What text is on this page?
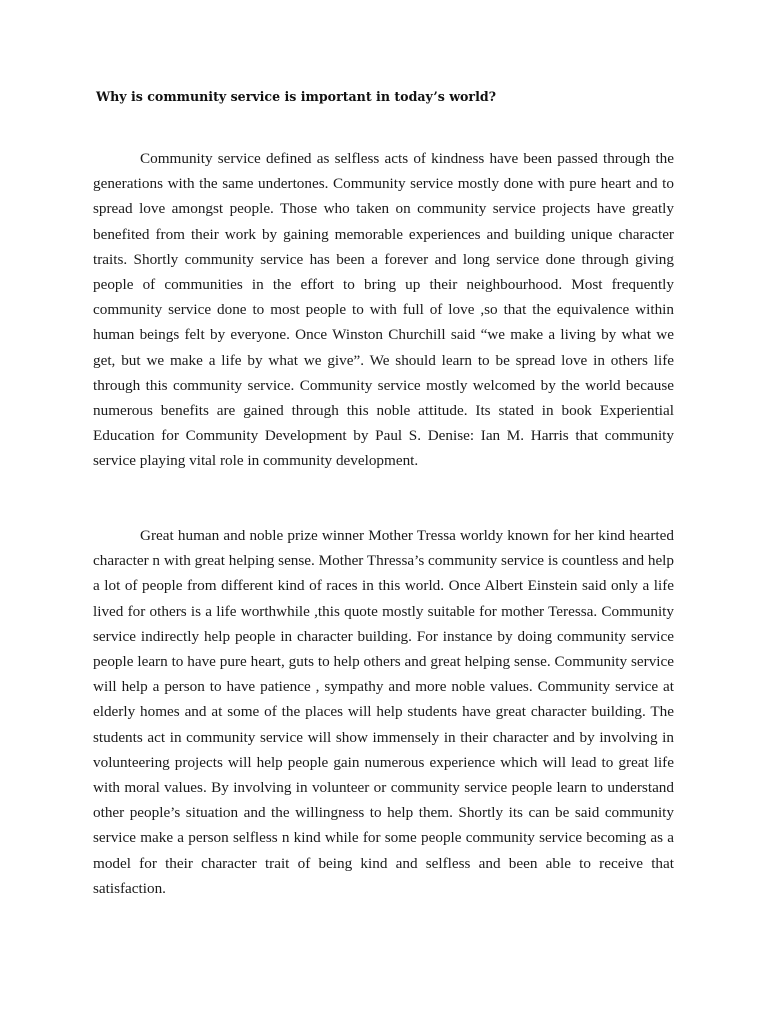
Why is community service is important in today’s world?

Community service defined as selfless acts of kindness have been passed through the generations with the same undertones. Community service mostly done with pure heart and to spread love amongst people. Those who taken on community service projects have greatly benefited from their work by gaining memorable experiences and building unique character traits. Shortly community service has been a forever and long service done through giving people of communities in the effort to bring up their neighbourhood. Most frequently community service done to most people to with full of love ,so that the equivalence within human beings felt by everyone. Once Winston Churchill said “we make a living by what we get, but we make a life by what we give”. We should learn to be spread love in others life through this community service. Community service mostly welcomed by the world because numerous benefits are gained through this noble attitude. Its stated in book Experiential Education for Community Development by Paul S. Denise: Ian M. Harris that community service playing vital role in community development.

Great human and noble prize winner Mother Tressa worldy known for her kind hearted character n with great helping sense. Mother Thressa’s community service is countless and help a lot of people from different kind of races in this world. Once Albert Einstein said only a life lived for others is a life worthwhile ,this quote mostly suitable for mother Teressa. Community service indirectly help people in character building. For instance by doing community service people learn to have pure heart, guts to help others and great helping sense. Community service will help a person to have patience , sympathy and more noble values. Community service at elderly homes and at some of the places will help students have great character building. The students act in community service will show immensely in their character and by involving in volunteering projects will help people gain numerous experience which will lead to great life with moral values. By involving in volunteer or community service people learn to understand other people’s situation and the willingness to help them. Shortly its can be said community service make a person selfless n kind while for some people community service becoming as a model for their character trait of being kind and selfless and been able to receive that satisfaction.
